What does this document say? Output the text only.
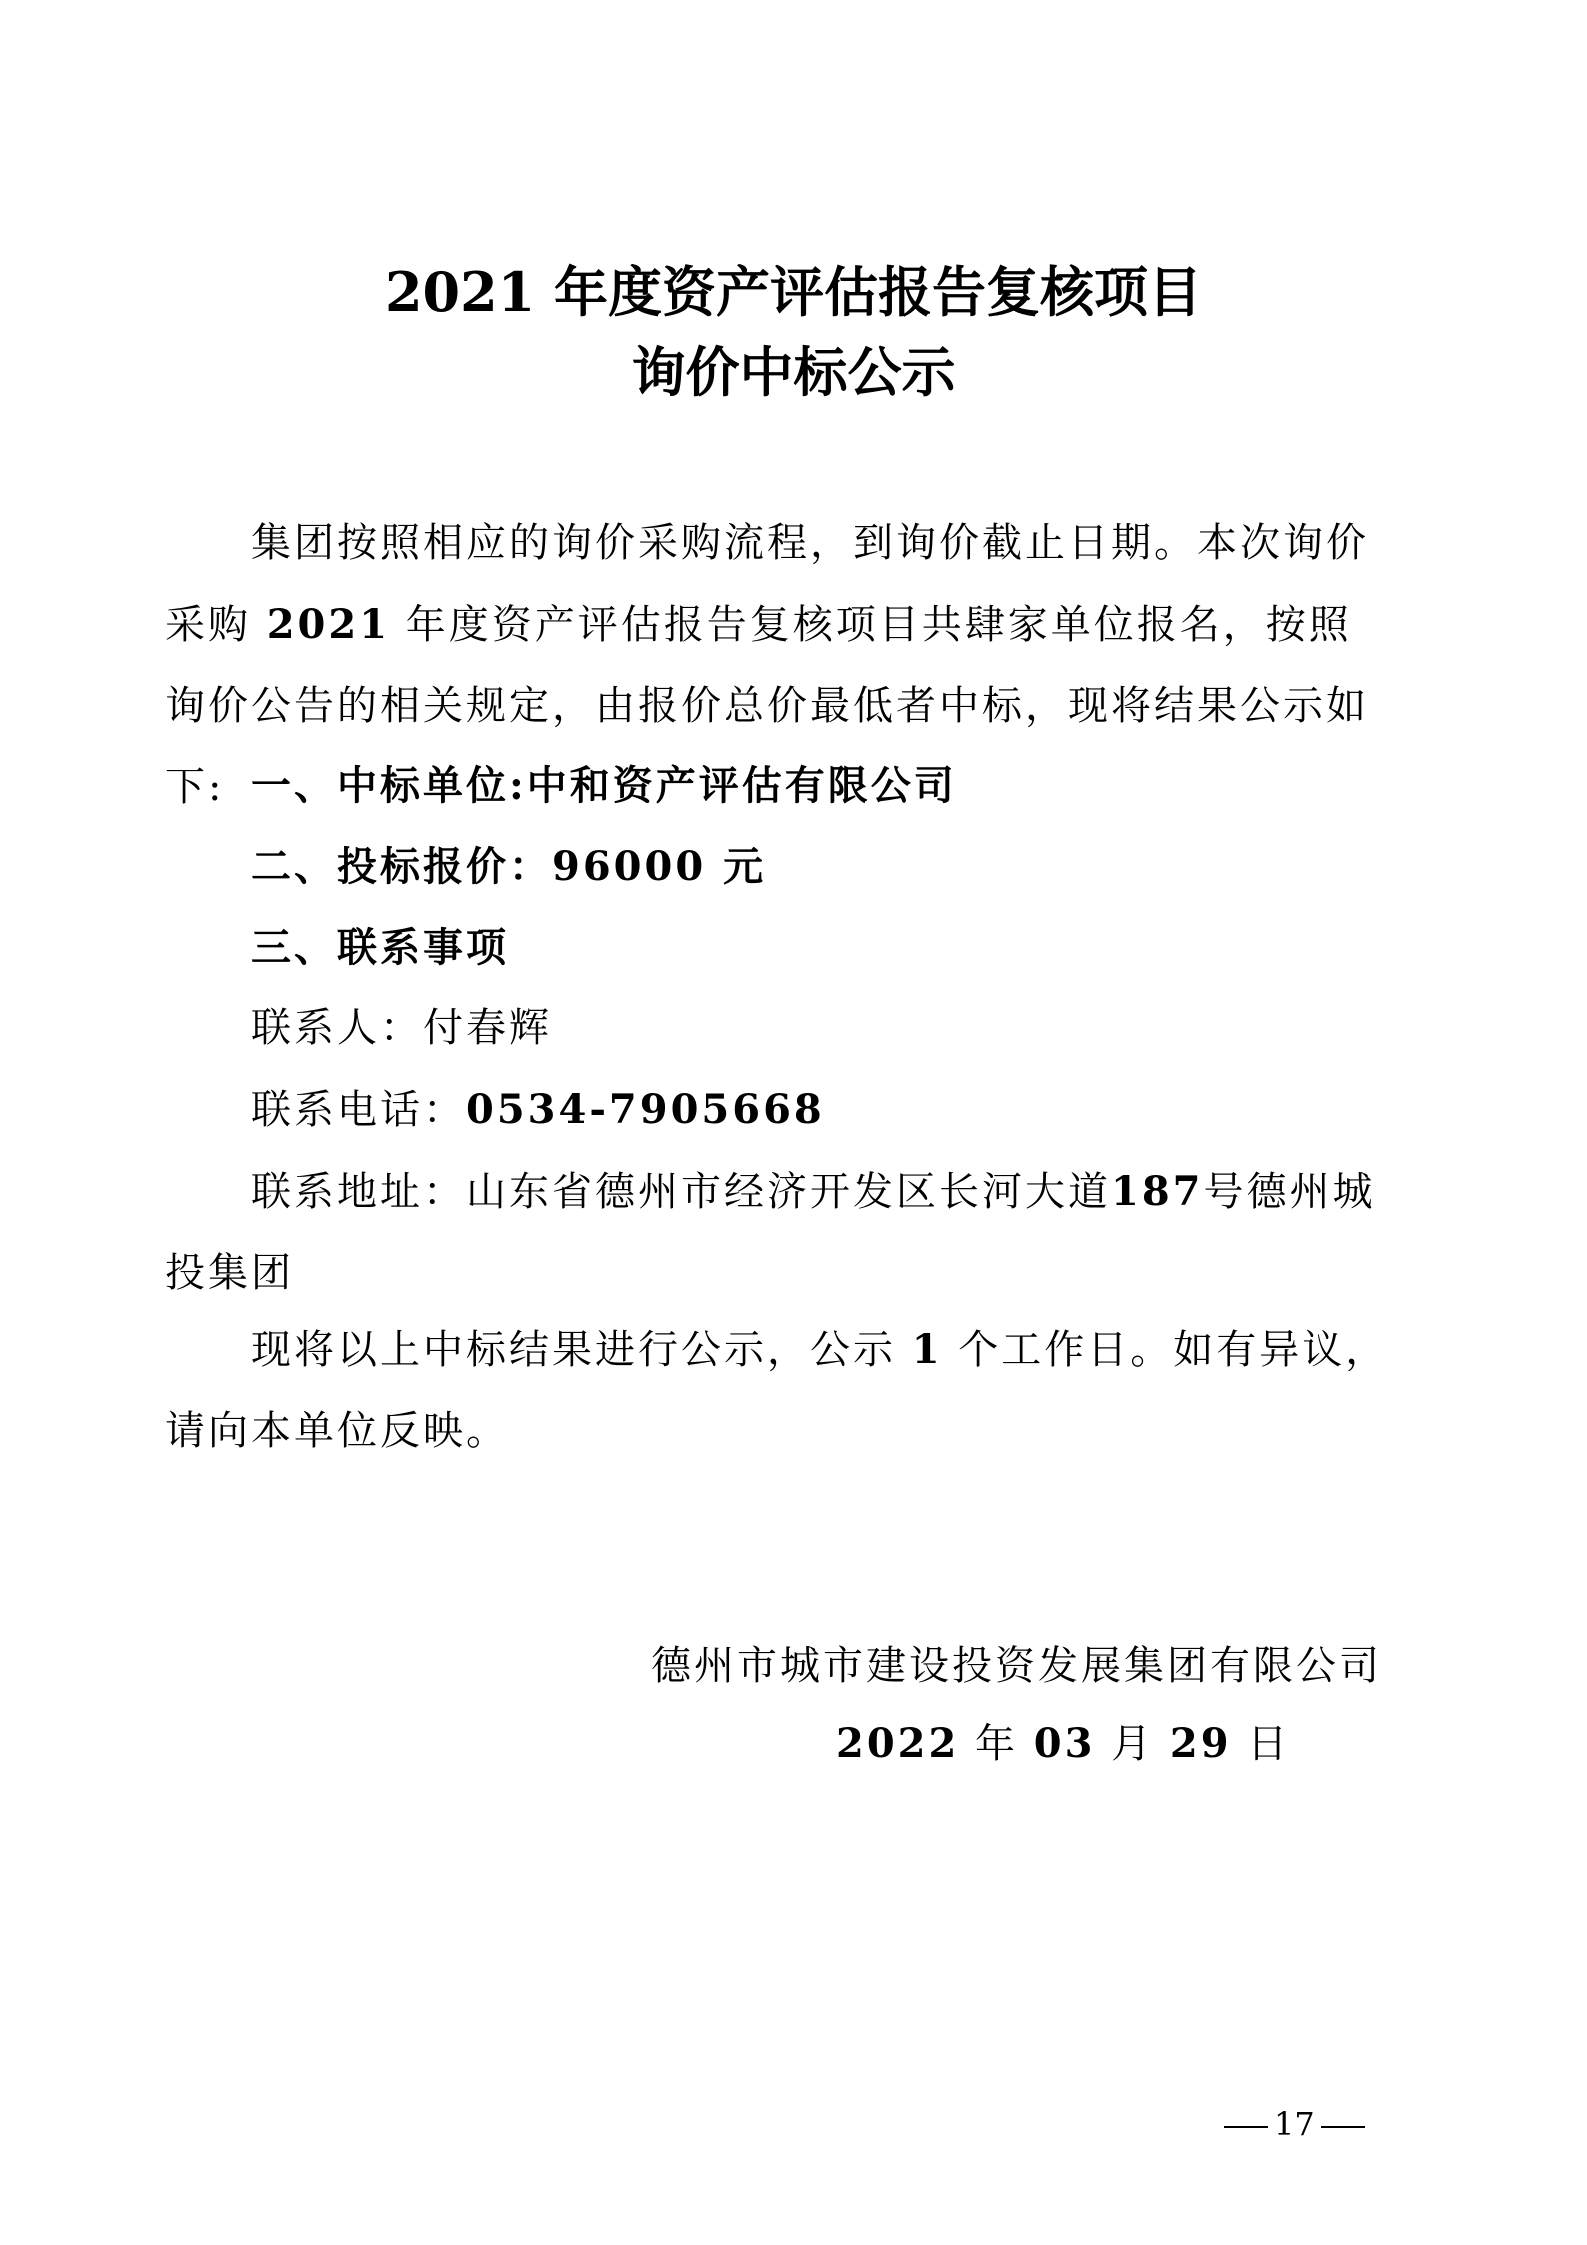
2021 年度资产评估报告复核项目
询价中标公示

集团按照相应的询价采购流程，到询价截止日期。本次询价采购 2021 年度资产评估报告复核项目共肆家单位报名，按照询价公告的相关规定，由报价总价最低者中标，现将结果公示如下: 一、中标单位:中和资产评估有限公司

二、投标报价：96000 元

三、联系事项

联系人：付春辉

联系电话：0534-7905668

联系地址：山东省德州市经济开发区长河大道187号德州城投集团

现将以上中标结果进行公示，公示 1 个工作日。如有异议，请向本单位反映。

德州市城市建设投资发展集团有限公司
2022 年 03 月 29 日
17
